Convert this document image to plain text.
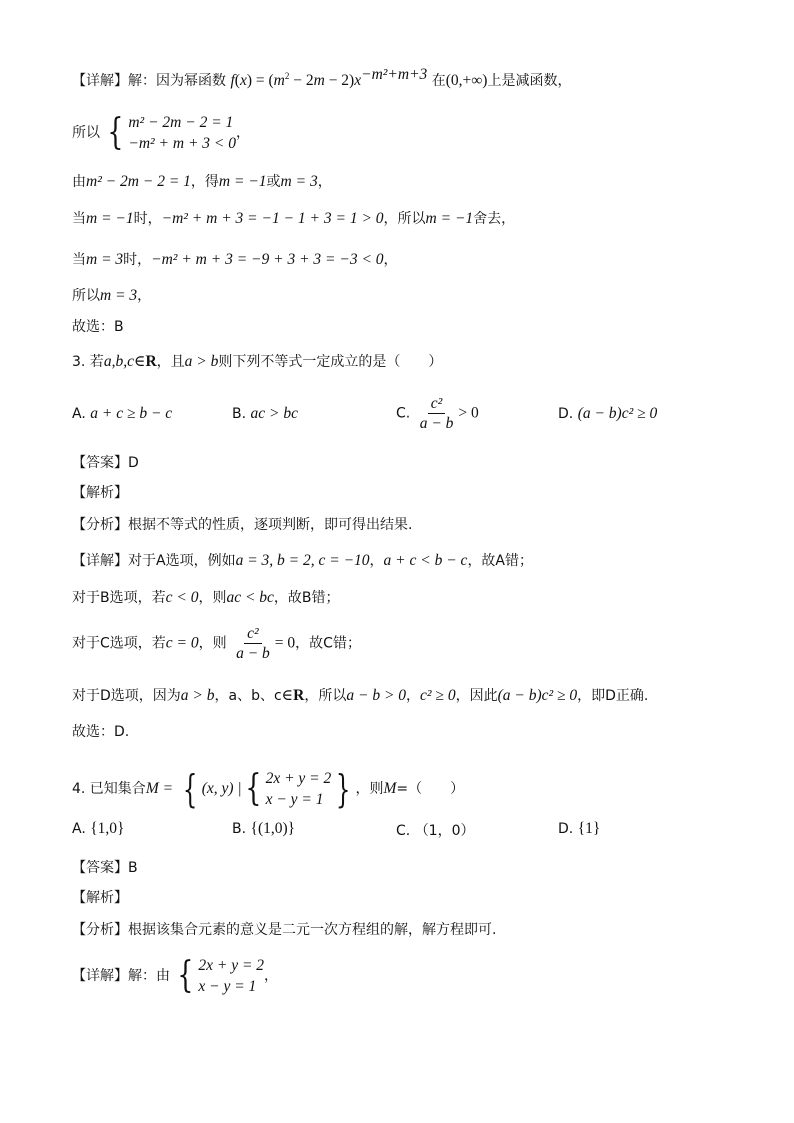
【详解】解：因为幂函数 $f(x) = (m^2 - 2m - 2)x^{-m^2+m+3}$ 在(0,+∞)上是减函数，
所以 { m² − 2m − 2 = 1
−m² + m + 3 < 0
，
由m² − 2m − 2 = 1，得m = −1或m = 3，
当m = −1时，−m² + m + 3 = −1 − 1 + 3 = 1 > 0，所以m = −1舍去，
当m = 3时，−m² + m + 3 = −9 + 3 + 3 = −3 < 0，
所以m = 3，
故选：B
3. 若a,b,c∈R，且a > b则下列不等式一定成立的是（　　）
A. a + c ≥ b − c	B. ac > bc	C. $\frac{\text{c²}}{a - b} > 0$	D. (a − b)c² ≥ 0
【答案】D
【解析】
【分析】根据不等式的性质，逐项判断，即可得出结果.
【详解】对于A选项，例如a = 3, b = 2, c = −10，a + c < b − c，故A错；
对于B选项，若c < 0，则ac < bc，故B错；
对于C选项，若c = 0，则 $\frac{\text{c²}}{a - b} = 0$，故C错；
对于D选项，因为a > b，a、b、c∈R，所以a − b > 0，c² ≥ 0，因此(a − b)c² ≥ 0，即D正确.
故选：D.
4. 已知集合M = { (x, y) | { 2x + y = 2
x − y = 1 } ，则M=（　　）
A. {1,0}	B. {(1,0)}	C. （1，0）	D. {1}
【答案】B
【解析】
【分析】根据该集合元素的意义是二元一次方程组的解，解方程即可.
【详解】解：由 { 2x + y = 2
x − y = 1
，
